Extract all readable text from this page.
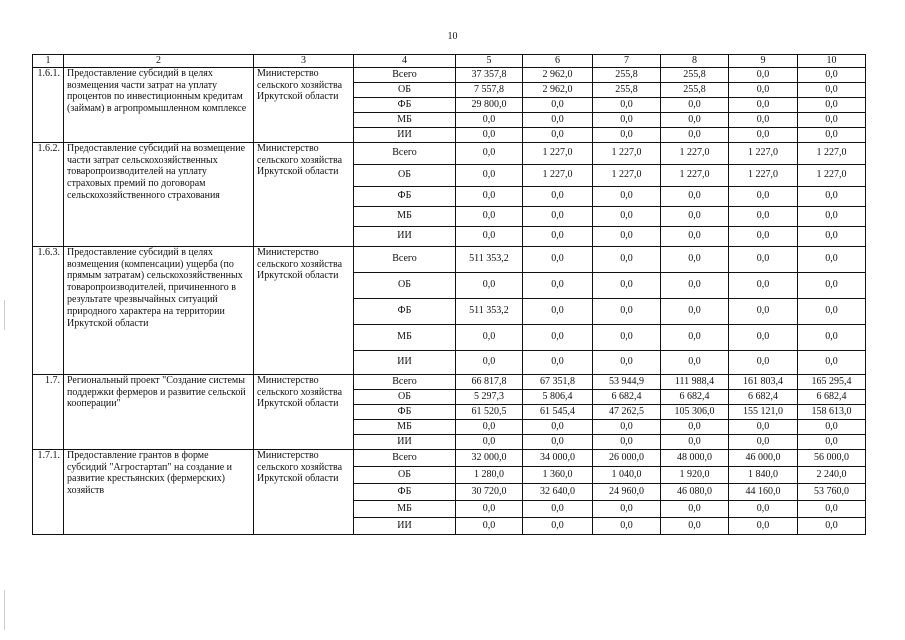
10
1	2	3	4	5	6	7	8	9	10
1.6.1.	Предоставление субсидий в целях возмещения части затрат на уплату процентов по инвестиционным кредитам (займам) в агропромышленном комплексе	Министерство сельского хозяйства Иркутской области	Всего	37 357,8	2 962,0	255,8	255,8	0,0	0,0
			ОБ	7 557,8	2 962,0	255,8	255,8	0,0	0,0
			ФБ	29 800,0	0,0	0,0	0,0	0,0	0,0
			МБ	0,0	0,0	0,0	0,0	0,0	0,0
			ИИ	0,0	0,0	0,0	0,0	0,0	0,0
1.6.2.	Предоставление субсидий на возмещение части затрат сельскохозяйственных товаропроизводителей на уплату страховых премий по договорам сельскохозяйственного страхования	Министерство сельского хозяйства Иркутской области	Всего	0,0	1 227,0	1 227,0	1 227,0	1 227,0	1 227,0
			ОБ	0,0	1 227,0	1 227,0	1 227,0	1 227,0	1 227,0
			ФБ	0,0	0,0	0,0	0,0	0,0	0,0
			МБ	0,0	0,0	0,0	0,0	0,0	0,0
			ИИ	0,0	0,0	0,0	0,0	0,0	0,0
1.6.3.	Предоставление субсидий в целях возмещения (компенсации) ущерба (по прямым затратам) сельскохозяйственных товаропроизводителей, причиненного в результате чрезвычайных ситуаций природного характера на территории Иркутской области	Министерство сельского хозяйства Иркутской области	Всего	511 353,2	0,0	0,0	0,0	0,0	0,0
			ОБ	0,0	0,0	0,0	0,0	0,0	0,0
			ФБ	511 353,2	0,0	0,0	0,0	0,0	0,0
			МБ	0,0	0,0	0,0	0,0	0,0	0,0
			ИИ	0,0	0,0	0,0	0,0	0,0	0,0
1.7.	Региональный проект "Создание системы поддержки фермеров и развитие сельской кооперации"	Министерство сельского хозяйства Иркутской области	Всего	66 817,8	67 351,8	53 944,9	111 988,4	161 803,4	165 295,4
			ОБ	5 297,3	5 806,4	6 682,4	6 682,4	6 682,4	6 682,4
			ФБ	61 520,5	61 545,4	47 262,5	105 306,0	155 121,0	158 613,0
			МБ	0,0	0,0	0,0	0,0	0,0	0,0
			ИИ	0,0	0,0	0,0	0,0	0,0	0,0
1.7.1.	Предоставление грантов в форме субсидий "Агростартап" на создание и развитие крестьянских (фермерских) хозяйств	Министерство сельского хозяйства Иркутской области	Всего	32 000,0	34 000,0	26 000,0	48 000,0	46 000,0	56 000,0
			ОБ	1 280,0	1 360,0	1 040,0	1 920,0	1 840,0	2 240,0
			ФБ	30 720,0	32 640,0	24 960,0	46 080,0	44 160,0	53 760,0
			МБ	0,0	0,0	0,0	0,0	0,0	0,0
			ИИ	0,0	0,0	0,0	0,0	0,0	0,0
